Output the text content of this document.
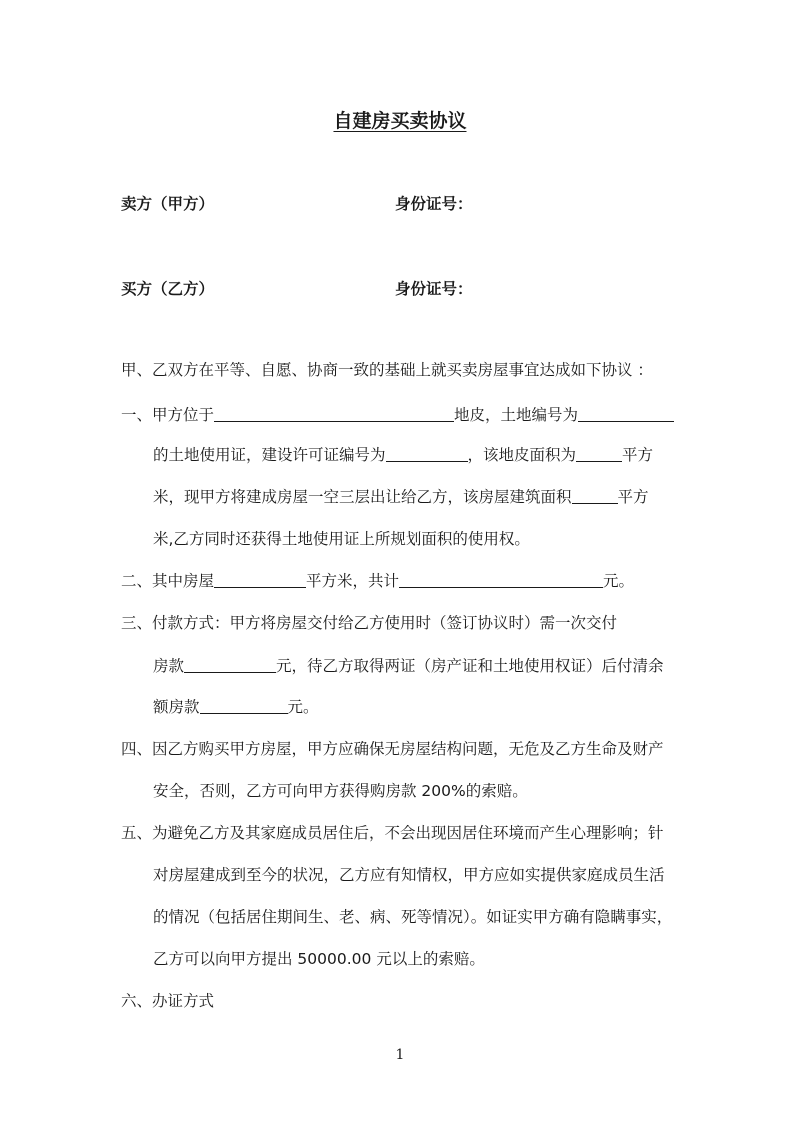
自建房买卖协议
卖方（甲方）	身份证号：
买方（乙方）	身份证号：
甲、乙双方在平等、自愿、协商一致的基础上就买卖房屋事宜达成如下协议 ：
一、甲方位于	地皮，土地编号为
的土地使用证，建设许可证编号为	，该地皮面积为	平方
米，现甲方将建成房屋一空三层出让给乙方，该房屋建筑面积	平方
米,乙方同时还获得土地使用证上所规划面积的使用权。
二、其中房屋	平方米，共计	元。
三、付款方式：甲方将房屋交付给乙方使用时（签订协议时）需一次交付
房款	元，待乙方取得两证（房产证和土地使用权证）后付清余
额房款	元。
四、因乙方购买甲方房屋，甲方应确保无房屋结构问题，无危及乙方生命及财产
安全，否则，乙方可向甲方获得购房款 200%的索赔。
五、为避免乙方及其家庭成员居住后，不会出现因居住环境而产生心理影响；针
对房屋建成到至今的状况，乙方应有知情权，甲方应如实提供家庭成员生活
的情况（包括居住期间生、老、病、死等情况）。如证实甲方确有隐瞒事实，
乙方可以向甲方提出 50000.00 元以上的索赔。
六、办证方式
1
